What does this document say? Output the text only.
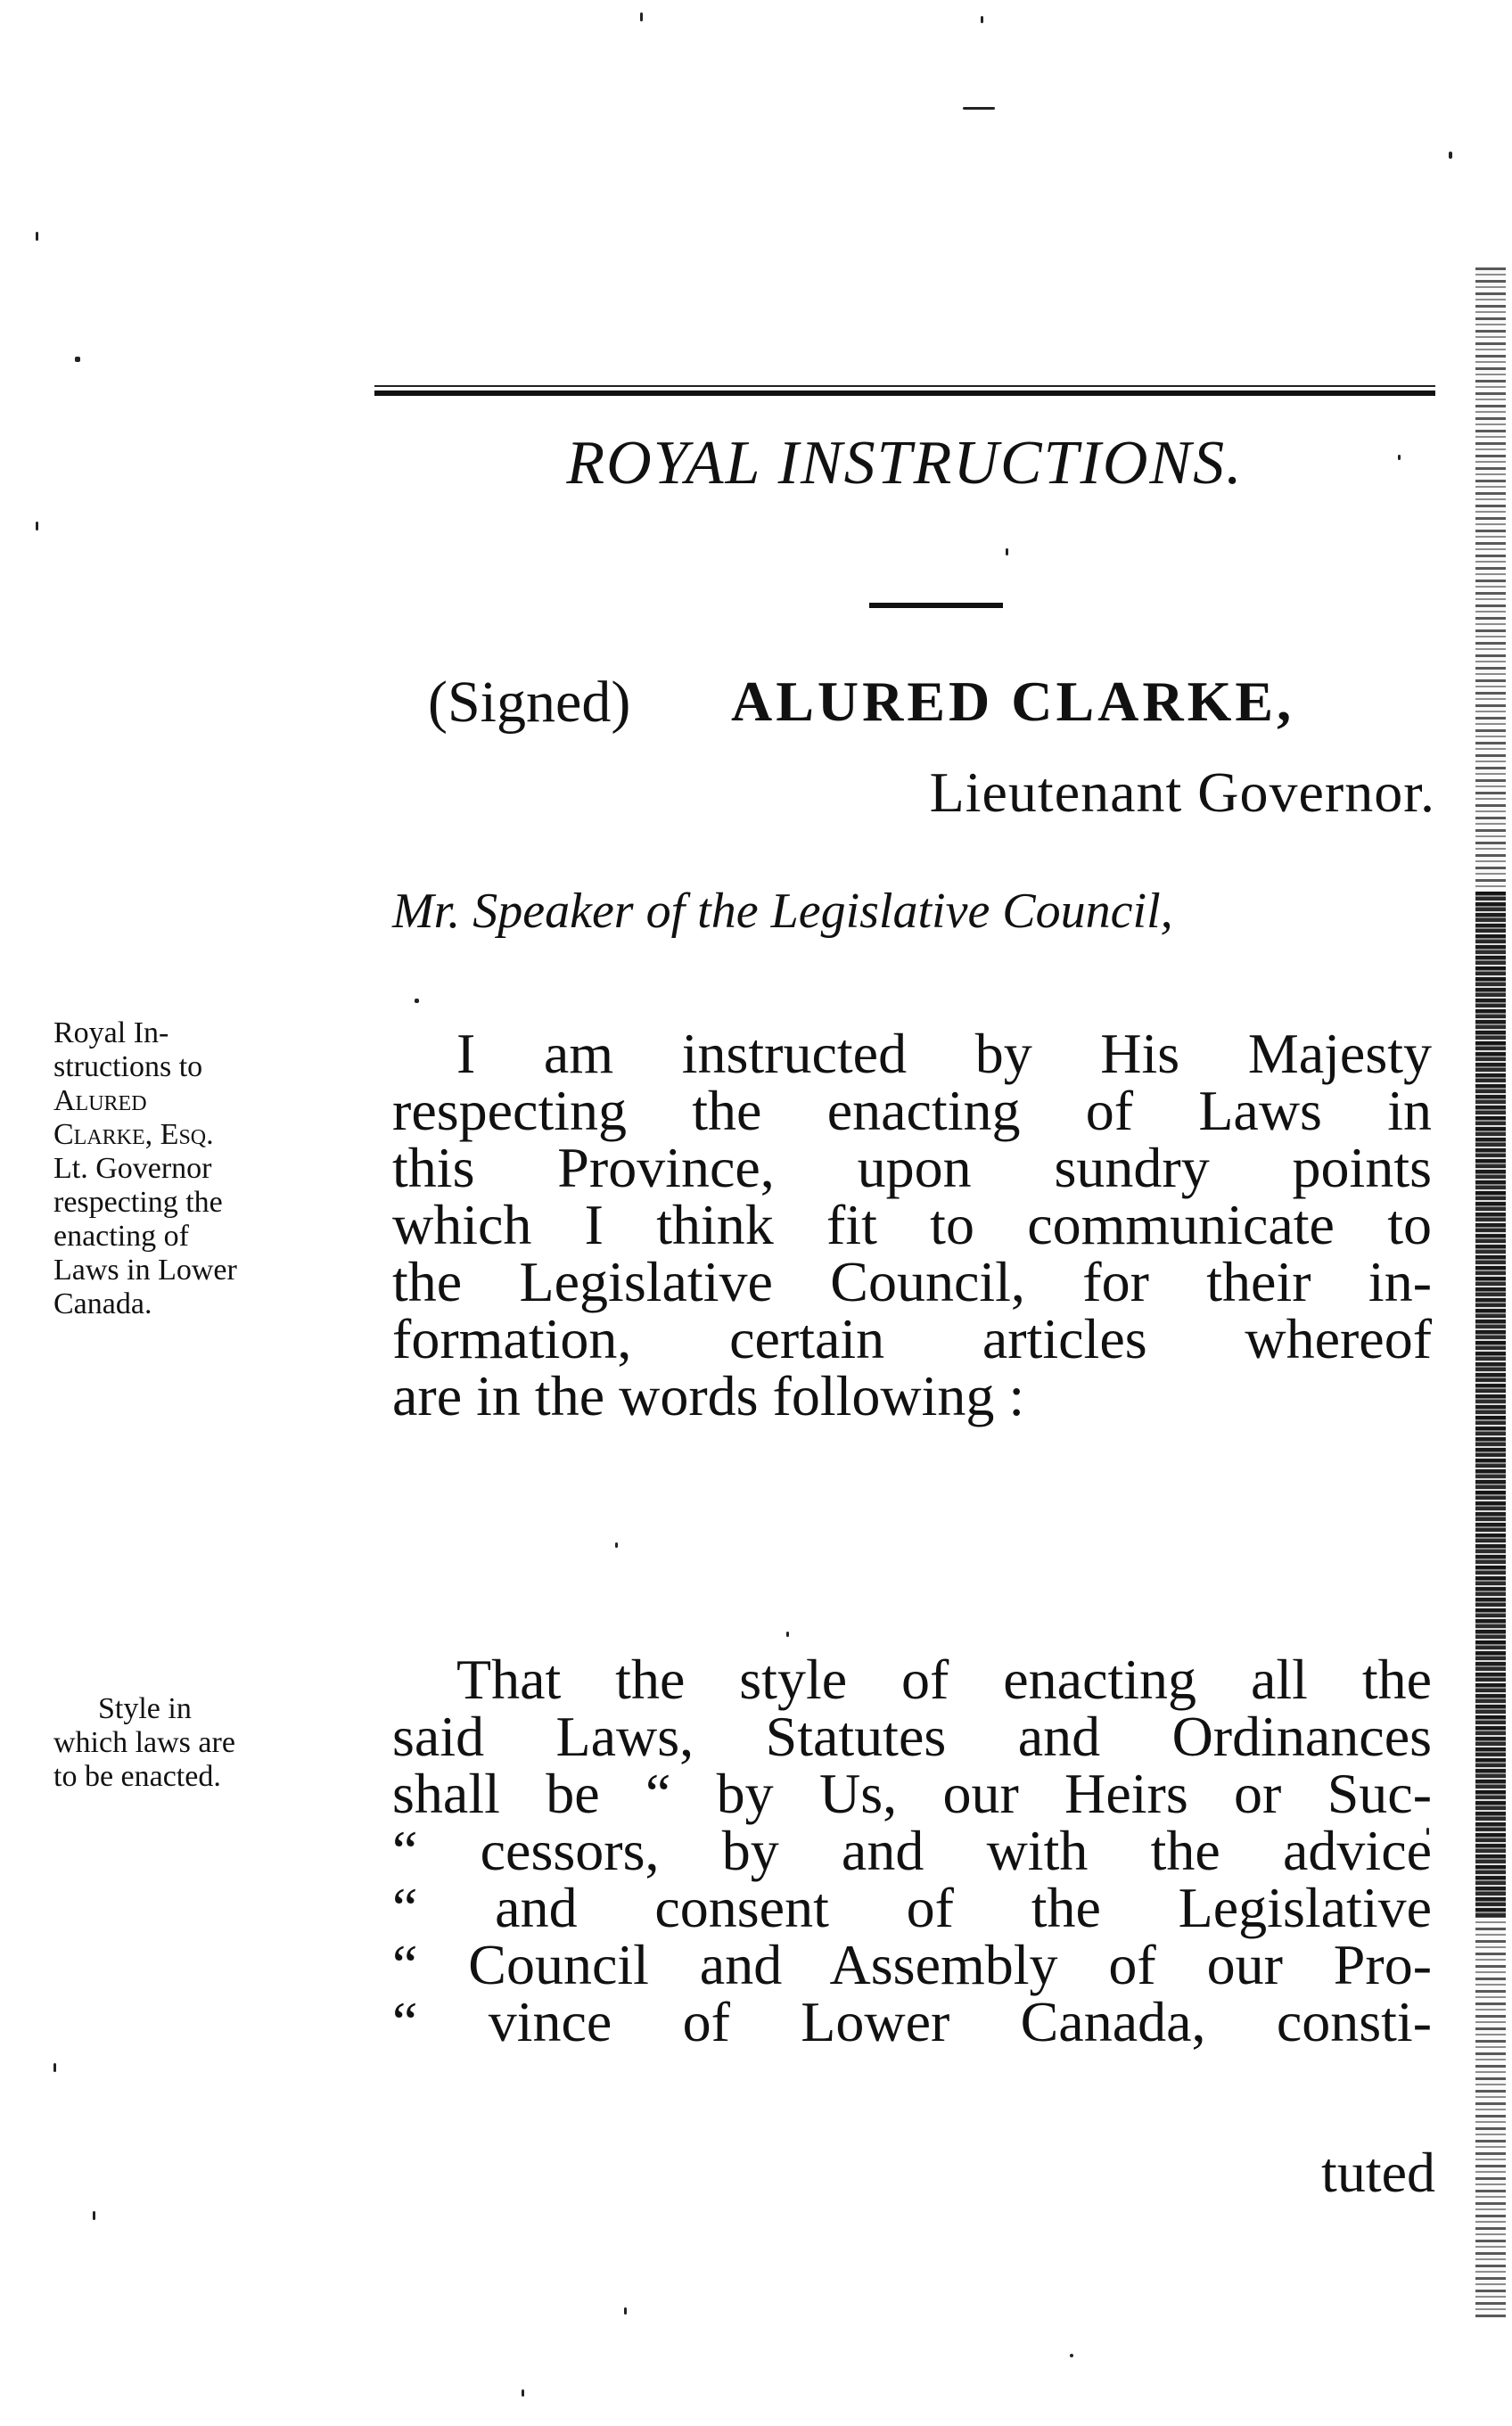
ROYAL INSTRUCTIONS.
(Signed) ALURED CLARKE,
Lieutenant Governor.
Mr. Speaker of the Legislative Council,
Royal In-
structions to
Alured
Clarke, Esq.
Lt. Governor
respecting the
enacting of
Laws in Lower
Canada.
I am instructed by His Majesty
respecting the enacting of Laws in
this Province, upon sundry points
which I think fit to communicate to
the Legislative Council, for their in-
formation, certain articles whereof
are in the words following :
Style in
which laws are
to be enacted.
That the style of enacting all the
said Laws, Statutes and Ordinances
shall be “ by Us, our Heirs or Suc-
“ cessors, by and with the advice
“ and consent of the Legislative
“ Council and Assembly of our Pro-
“ vince of Lower Canada, consti-
tuted
